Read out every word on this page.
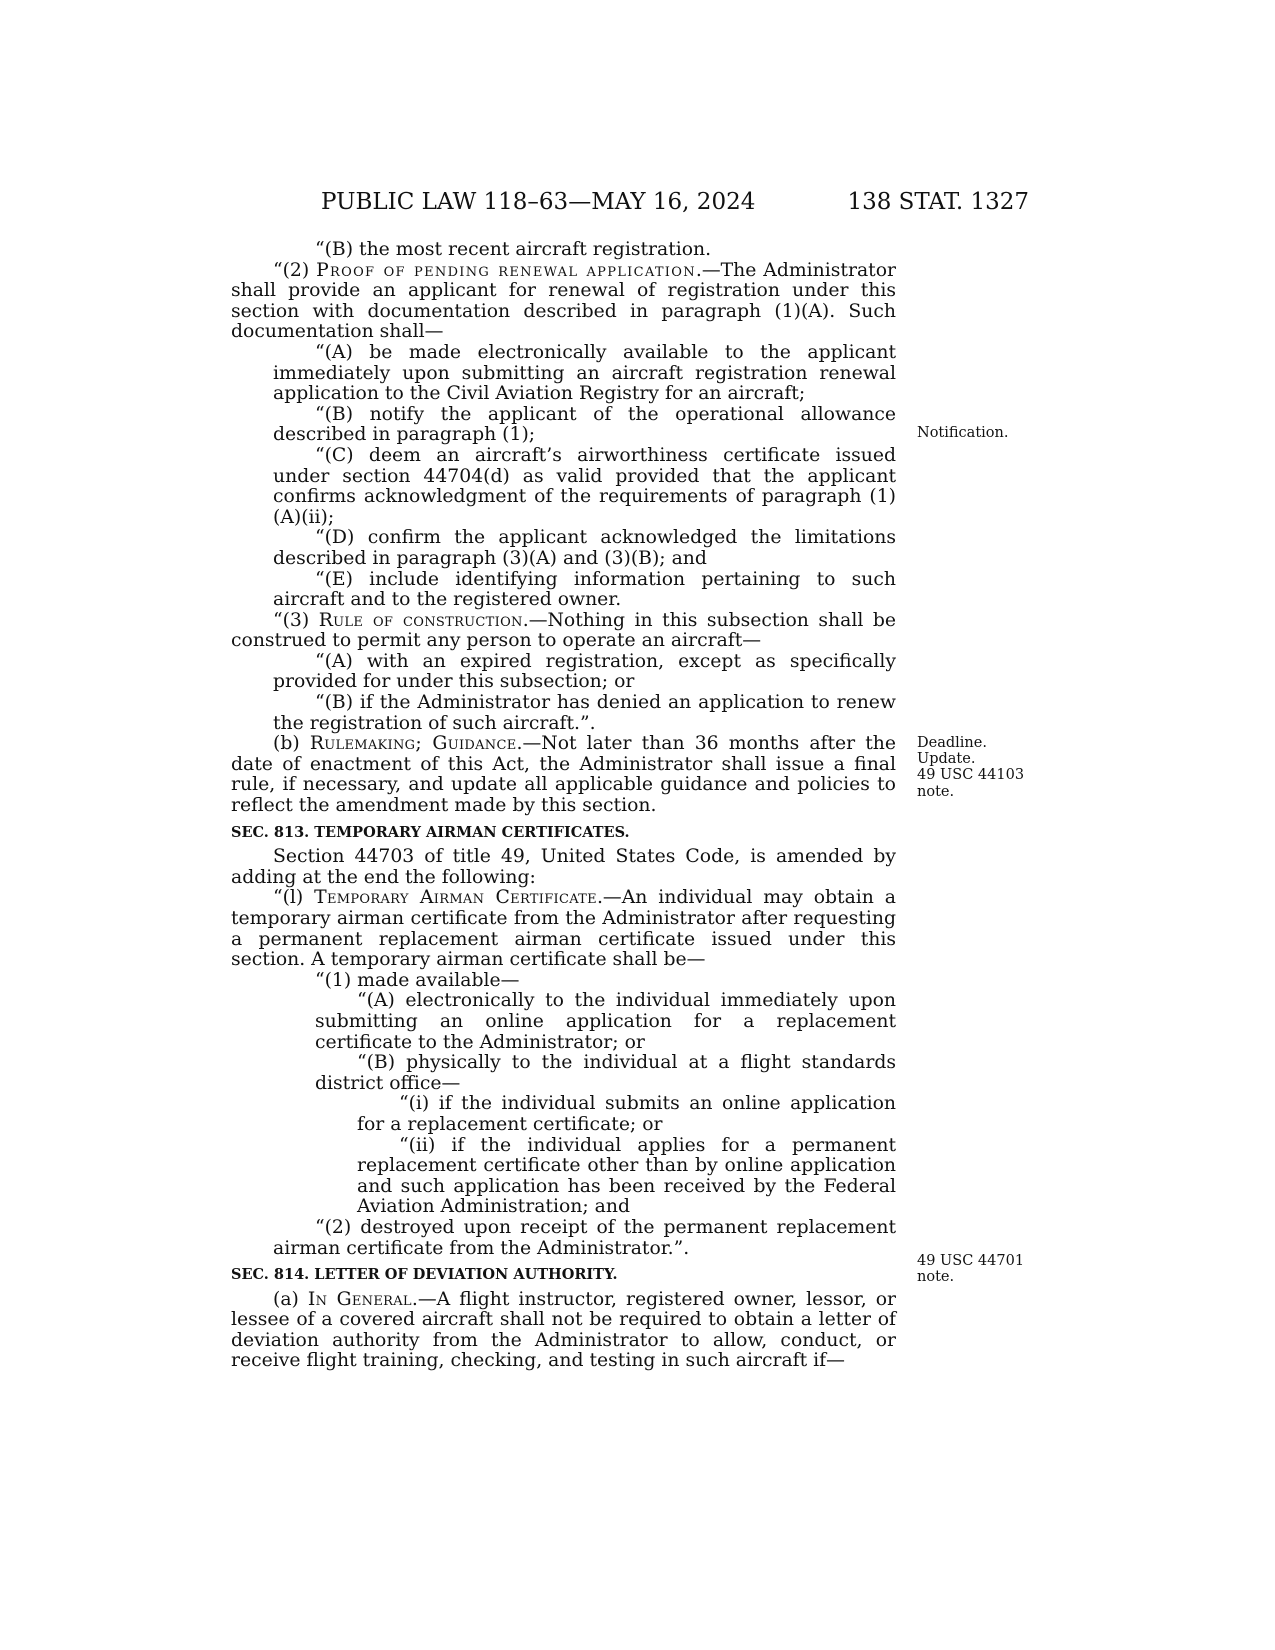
PUBLIC LAW 118–63—MAY 16, 2024	138 STAT. 1327

“(B) the most recent aircraft registration.

“(2) Proof of pending renewal application.—The Administrator shall provide an applicant for renewal of registration under this section with documentation described in paragraph (1)(A). Such documentation shall—

“(A) be made electronically available to the applicant immediately upon submitting an aircraft registration renewal application to the Civil Aviation Registry for an aircraft;

“(B) notify the applicant of the operational allowance described in paragraph (1);

“(C) deem an aircraft’s airworthiness certificate issued under section 44704(d) as valid provided that the applicant confirms acknowledgment of the requirements of paragraph (1)(A)(ii);

“(D) confirm the applicant acknowledged the limitations described in paragraph (3)(A) and (3)(B); and

“(E) include identifying information pertaining to such aircraft and to the registered owner.

“(3) Rule of construction.—Nothing in this subsection shall be construed to permit any person to operate an aircraft—

“(A) with an expired registration, except as specifically provided for under this subsection; or

“(B) if the Administrator has denied an application to renew the registration of such aircraft.”.

(b) Rulemaking; Guidance.—Not later than 36 months after the date of enactment of this Act, the Administrator shall issue a final rule, if necessary, and update all applicable guidance and policies to reflect the amendment made by this section.

SEC. 813. TEMPORARY AIRMAN CERTIFICATES.

Section 44703 of title 49, United States Code, is amended by adding at the end the following:

“(l) Temporary Airman Certificate.—An individual may obtain a temporary airman certificate from the Administrator after requesting a permanent replacement airman certificate issued under this section. A temporary airman certificate shall be—

“(1) made available—

“(A) electronically to the individual immediately upon submitting an online application for a replacement certificate to the Administrator; or

“(B) physically to the individual at a flight standards district office—

“(i) if the individual submits an online application for a replacement certificate; or

“(ii) if the individual applies for a permanent replacement certificate other than by online application and such application has been received by the Federal Aviation Administration; and

“(2) destroyed upon receipt of the permanent replacement airman certificate from the Administrator.”.

SEC. 814. LETTER OF DEVIATION AUTHORITY.

(a) In General.—A flight instructor, registered owner, lessor, or lessee of a covered aircraft shall not be required to obtain a letter of deviation authority from the Administrator to allow, conduct, or receive flight training, checking, and testing in such aircraft if—

Notification.
Deadline.
Update.
49 USC 44103
note.
49 USC 44701
note.
